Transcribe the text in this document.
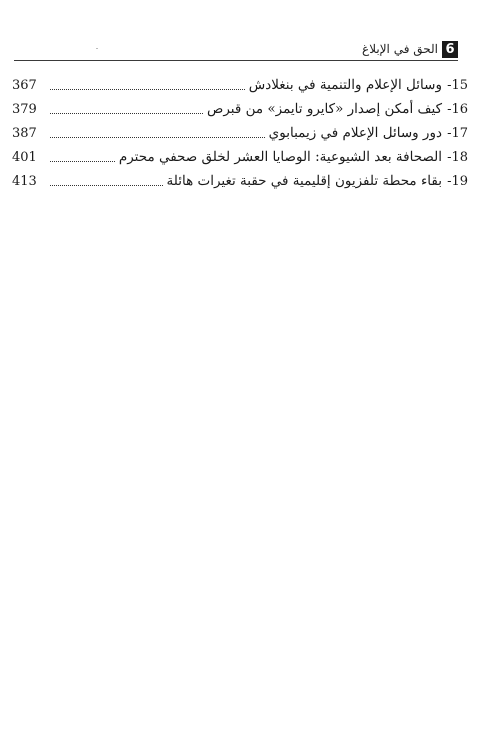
الحق في الإبلاغ 6
367	وسائل الإعلام والتنمية في بنغلادش -15
379	كيف أمكن إصدار «كايرو تايمز» من قبرص -16
387	دور وسائل الإعلام في زيمبابوي -17
401	الصحافة بعد الشيوعية: الوصايا العشر لخلق صحفي محترم -18
413	بقاء محطة تلفزيون إقليمية في حقبة تغيرات هائلة -19
